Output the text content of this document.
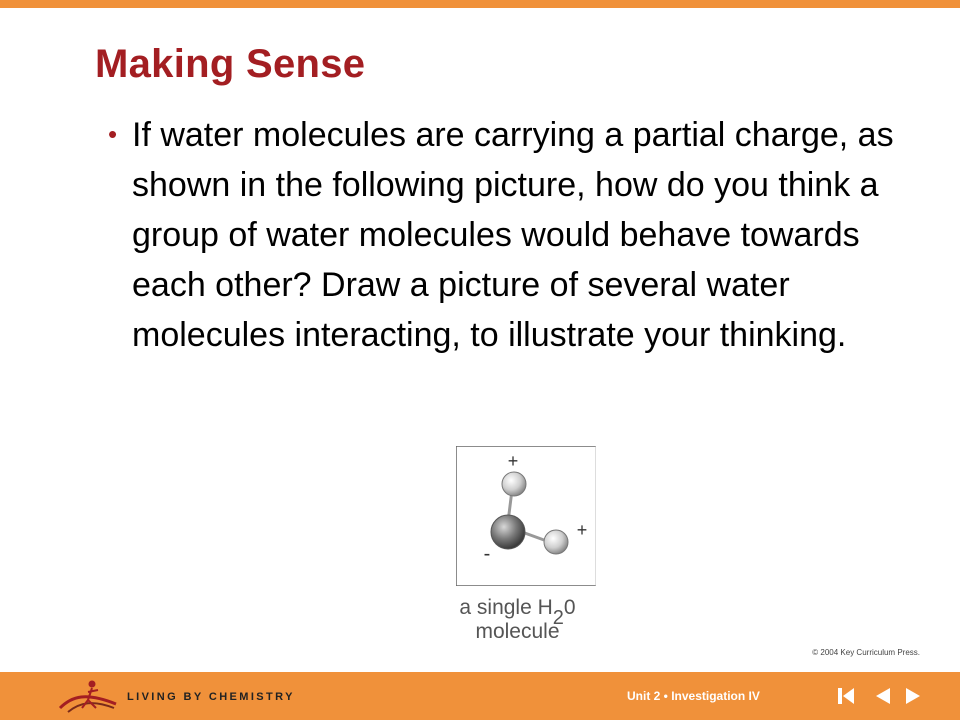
Making Sense
• If water molecules are carrying a partial charge, as shown in the following picture, how do you think a group of water molecules would behave towards each other? Draw a picture of several water molecules interacting, to illustrate your thinking.

+
+
-
a single H20
molecule
© 2004 Key Curriculum Press.
LIVING BY CHEMISTRY	Unit 2 • Investigation IV
